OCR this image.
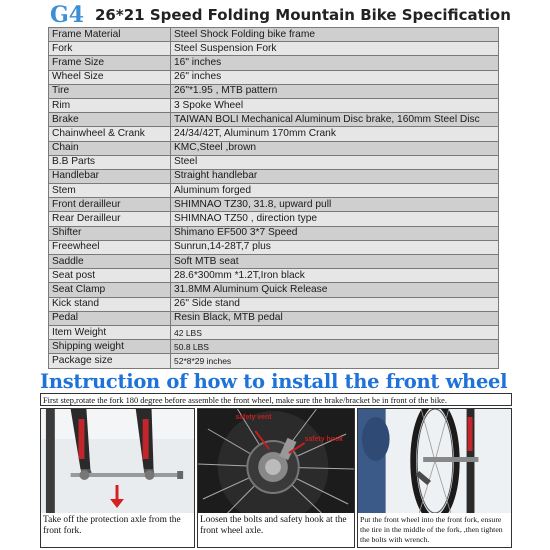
G4 26*21 Speed Folding Mountain Bike Specification
Frame Material	Steel Shock Folding bike frame
Fork	Steel Suspension Fork
Frame Size	16" inches
Wheel Size	26" inches
Tire	26"*1.95 , MTB pattern
Rim	3 Spoke Wheel
Brake	TAIWAN BOLI Mechanical Aluminum Disc brake, 160mm Steel Disc
Chainwheel & Crank	24/34/42T, Aluminum 170mm Crank
Chain	KMC,Steel ,brown
B.B Parts	Steel
Handlebar	Straight handlebar
Stem	Aluminum forged
Front derailleur	SHIMNAO TZ30, 31.8, upward pull
Rear Derailleur	SHIMNAO TZ50 , direction type
Shifter	Shimano EF500 3*7 Speed
Freewheel	Sunrun,14-28T,7 plus
Saddle	Soft MTB seat
Seat post	28.6*300mm *1.2T,Iron black
Seat Clamp	31.8MM Aluminum Quick Release
Kick stand	26" Side stand
Pedal	Resin Black, MTB pedal
Item Weight	42 LBS
Shipping weight	50.8 LBS
Package size	52*8*29 inches
Instruction of how to install the front wheel
First step,rotate the fork 180 degree before assemble the front wheel, make sure the brake/bracket be in front of the bike.
Take off the protection axle from the front fork.
safety vent
safety hook
Loosen the bolts and safety hook at the front wheel axle.
Put the front wheel into the front fork, ensure the tire in the middle of the fork, ,then tighten the bolts with wrench.
